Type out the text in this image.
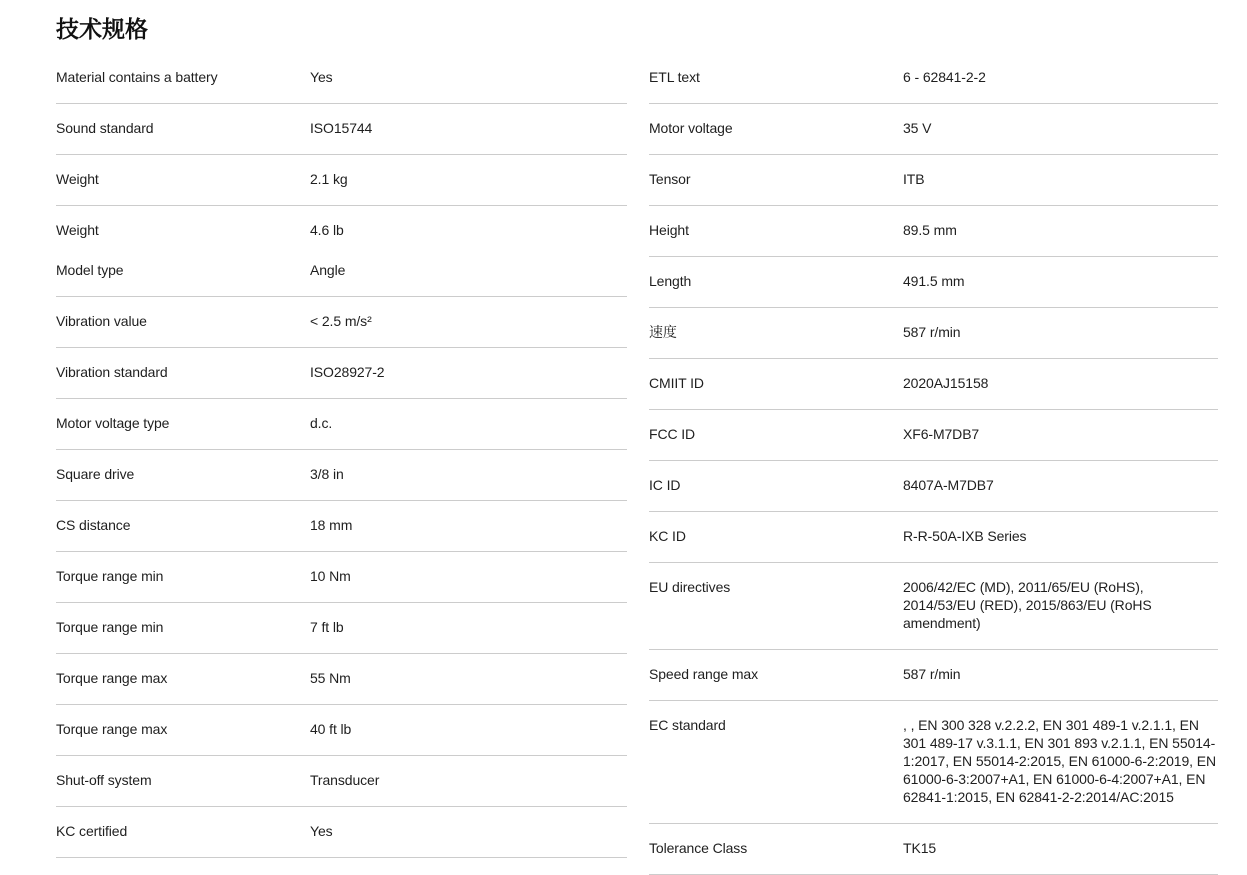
技术规格
Material contains a battery	Yes
Sound standard	ISO15744
Weight	2.1 kg
Weight	4.6 lb
Model type	Angle
Vibration value	< 2.5 m/s²
Vibration standard	ISO28927-2
Motor voltage type	d.c.
Square drive	3/8 in
CS distance	18 mm
Torque range min	10 Nm
Torque range min	7 ft lb
Torque range max	55 Nm
Torque range max	40 ft lb
Shut-off system	Transducer
KC certified	Yes
ETL text	6 - 62841-2-2
Motor voltage	35 V
Tensor	ITB
Height	89.5 mm
Length	491.5 mm
速度	587 r/min
CMIIT ID	2020AJ15158
FCC ID	XF6-M7DB7
IC ID	8407A-M7DB7
KC ID	R-R-50A-IXB Series
EU directives	2006/42/EC (MD), 2011/65/EU (RoHS), 2014/53/EU (RED), 2015/863/EU (RoHS amendment)
Speed range max	587 r/min
EC standard	, , EN 300 328 v.2.2.2, EN 301 489-1 v.2.1.1, EN 301 489-17 v.3.1.1, EN 301 893 v.2.1.1, EN 55014-1:2017, EN 55014-2:2015, EN 61000-6-2:2019, EN 61000-6-3:2007+A1, EN 61000-6-4:2007+A1, EN 62841-1:2015, EN 62841-2-2:2014/AC:2015
Tolerance Class	TK15
